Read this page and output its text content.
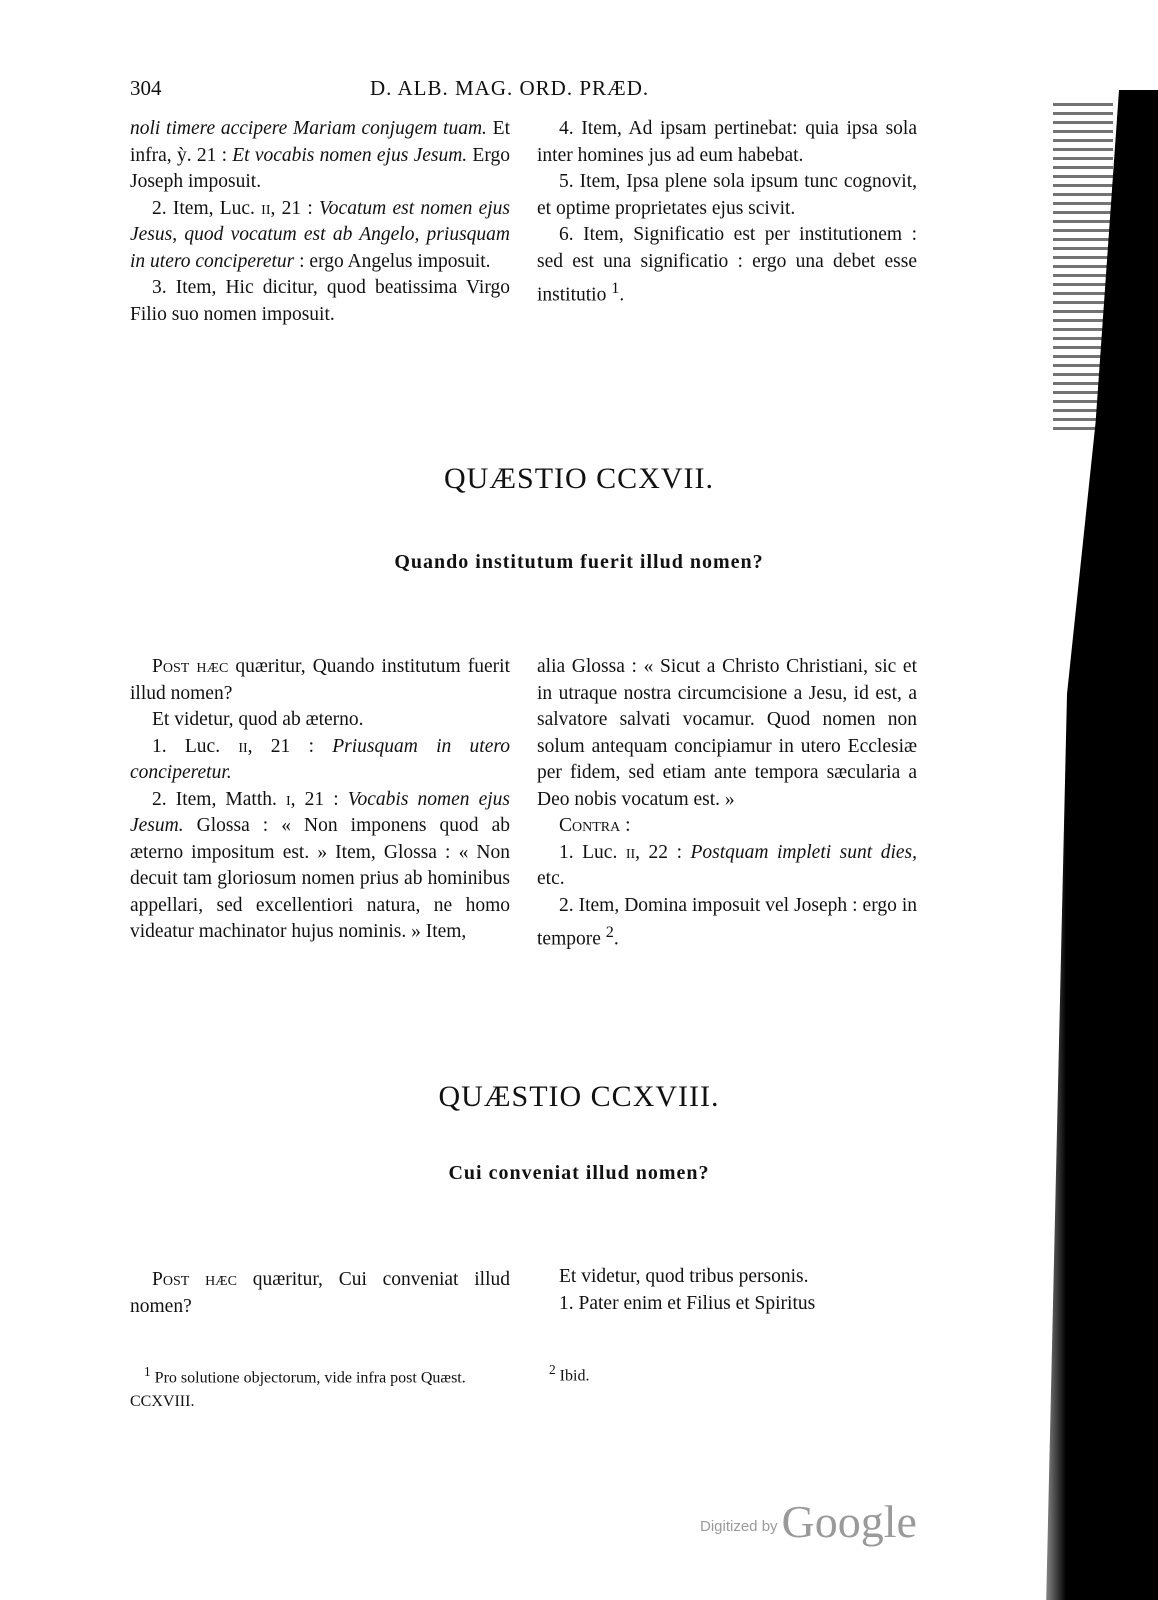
304	D. ALB. MAG. ORD. PRÆD.

noli timere accipere Mariam conjugem tuam. Et infra, ỳ. 21 : Et vocabis nomen ejus Jesum. Ergo Joseph imposuit.

2. Item, Luc. ii, 21 : Vocatum est nomen ejus Jesus, quod vocatum est ab Angelo, priusquam in utero conciperetur : ergo Angelus imposuit.

3. Item, Hic dicitur, quod beatissima Virgo Filio suo nomen imposuit.

4. Item, Ad ipsam pertinebat: quia ipsa sola inter homines jus ad eum habebat.

5. Item, Ipsa plene sola ipsum tunc cognovit, et optime proprietates ejus scivit.

6. Item, Significatio est per institutionem : sed est una significatio : ergo una debet esse institutio $^1$.

QUÆSTIO CCXVII.
Quando institutum fuerit illud nomen?

Post hæc quæritur, Quando institutum fuerit illud nomen?

Et videtur, quod ab æterno.

1. Luc. ii, 21 : Priusquam in utero conciperetur.

2. Item, Matth. i, 21 : Vocabis nomen ejus Jesum. Glossa : « Non imponens quod ab æterno impositum est. » Item, Glossa : « Non decuit tam gloriosum nomen prius ab hominibus appellari, sed excellentiori natura, ne homo videatur machinator hujus nominis. » Item,

alia Glossa : « Sicut a Christo Christiani, sic et in utraque nostra circumcisione a Jesu, id est, a salvatore salvati vocamur. Quod nomen non solum antequam concipiamur in utero Ecclesiæ per fidem, sed etiam ante tempora sæcularia a Deo nobis vocatum est. »

Contra :

1. Luc. ii, 22 : Postquam impleti sunt dies, etc.

2. Item, Domina imposuit vel Joseph : ergo in tempore $^2$.

QUÆSTIO CCXVIII.
Cui conveniat illud nomen?

Post hæc quæritur, Cui conveniat illud nomen?

Et videtur, quod tribus personis.

1. Pater enim et Filius et Spiritus

$^1$ Pro solutione objectorum, vide infra post Quæst. CCXVIII.
$^2$ Ibid.
Digitized byGoogle
